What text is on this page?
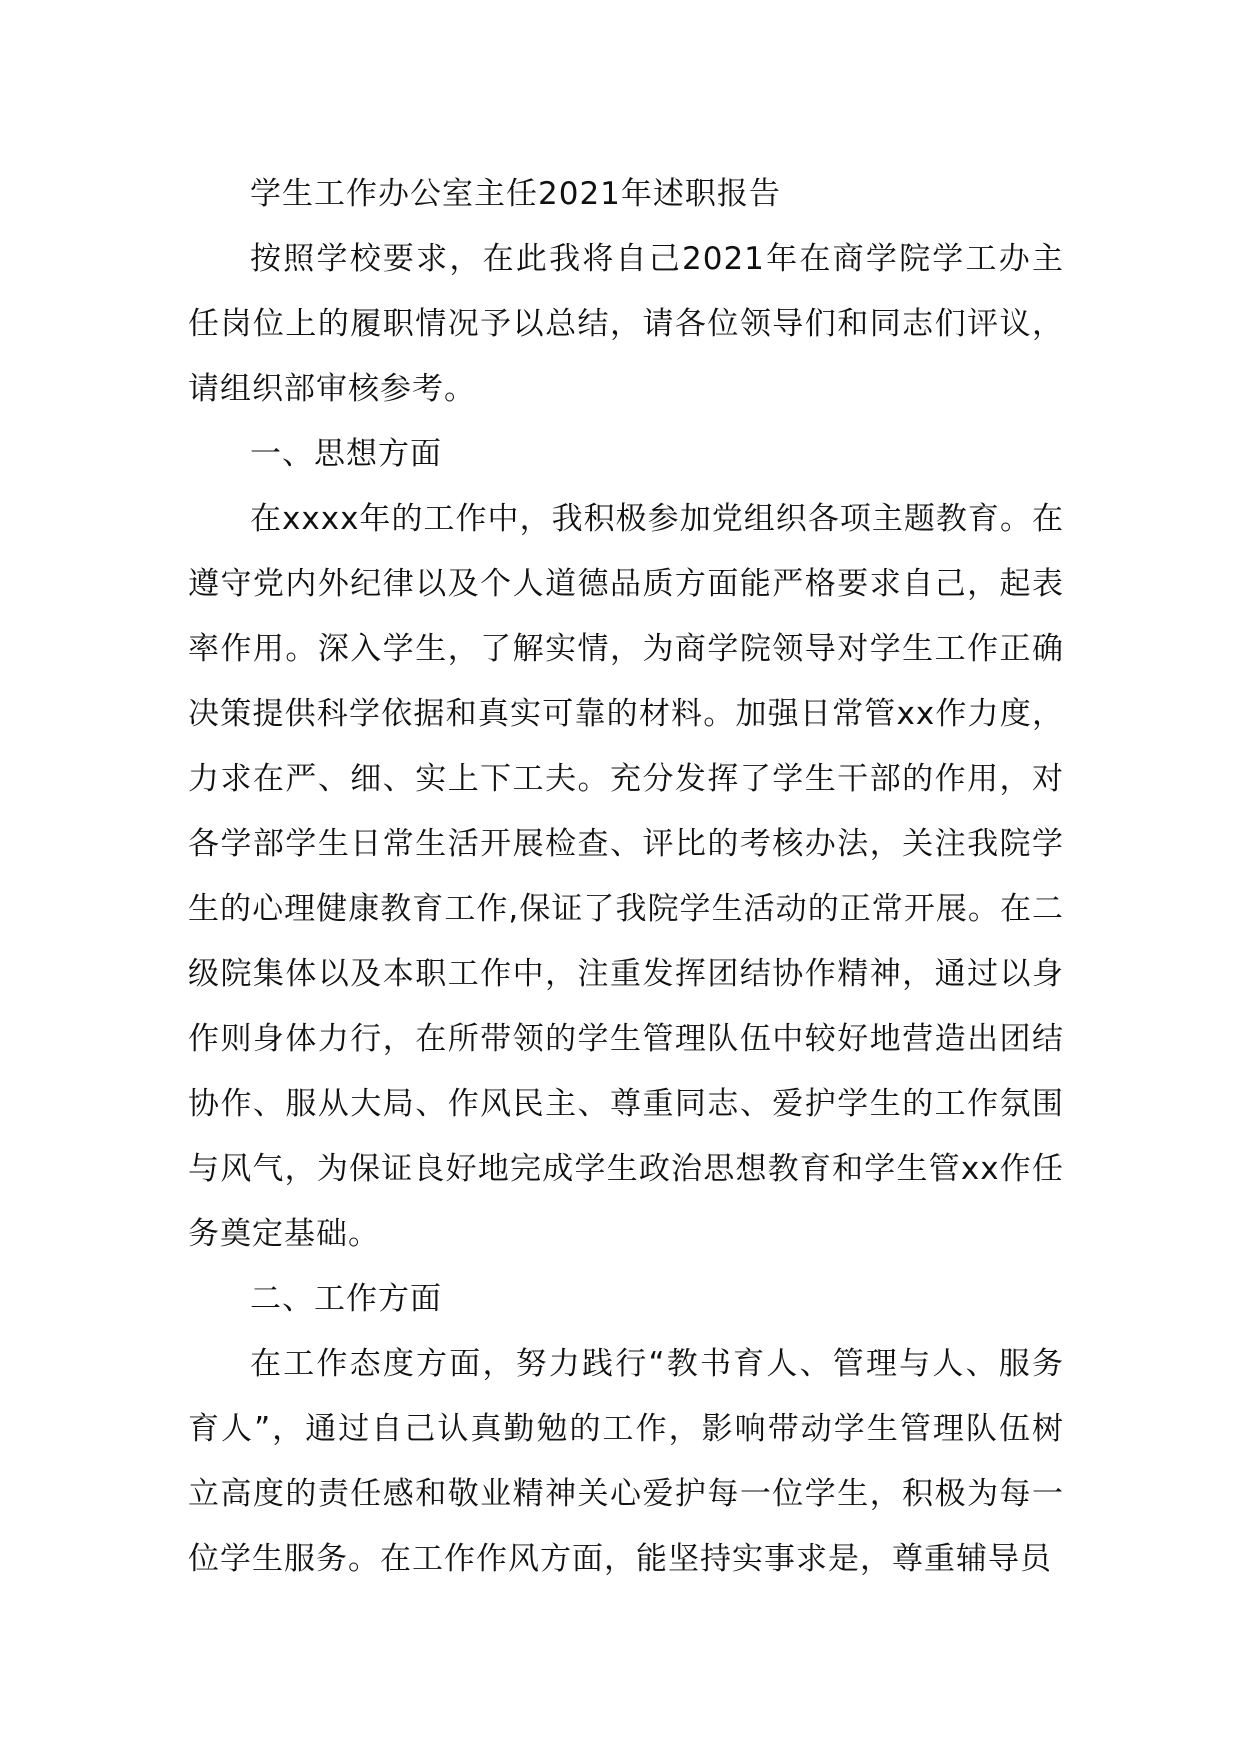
学生工作办公室主任2021年述职报告

按照学校要求，在此我将自己2021年在商学院学工办主任岗位上的履职情况予以总结，请各位领导们和同志们评议，请组织部审核参考。

一、思想方面

在xxxx年的工作中，我积极参加党组织各项主题教育。在遵守党内外纪律以及个人道德品质方面能严格要求自己，起表率作用。深入学生，了解实情，为商学院领导对学生工作正确决策提供科学依据和真实可靠的材料。加强日常管xx作力度，力求在严、细、实上下工夫。充分发挥了学生干部的作用，对各学部学生日常生活开展检查、评比的考核办法，关注我院学生的心理健康教育工作,保证了我院学生活动的正常开展。在二级院集体以及本职工作中，注重发挥团结协作精神，通过以身作则身体力行，在所带领的学生管理队伍中较好地营造出团结协作、服从大局、作风民主、尊重同志、爱护学生的工作氛围与风气，为保证良好地完成学生政治思想教育和学生管xx作任务奠定基础。

二、工作方面

在工作态度方面，努力践行“教书育人、管理与人、服务育人”，通过自己认真勤勉的工作，影响带动学生管理队伍树立高度的责任感和敬业精神关心爱护每一位学生，积极为每一位学生服务。在工作作风方面，能坚持实事求是，尊重辅导员
